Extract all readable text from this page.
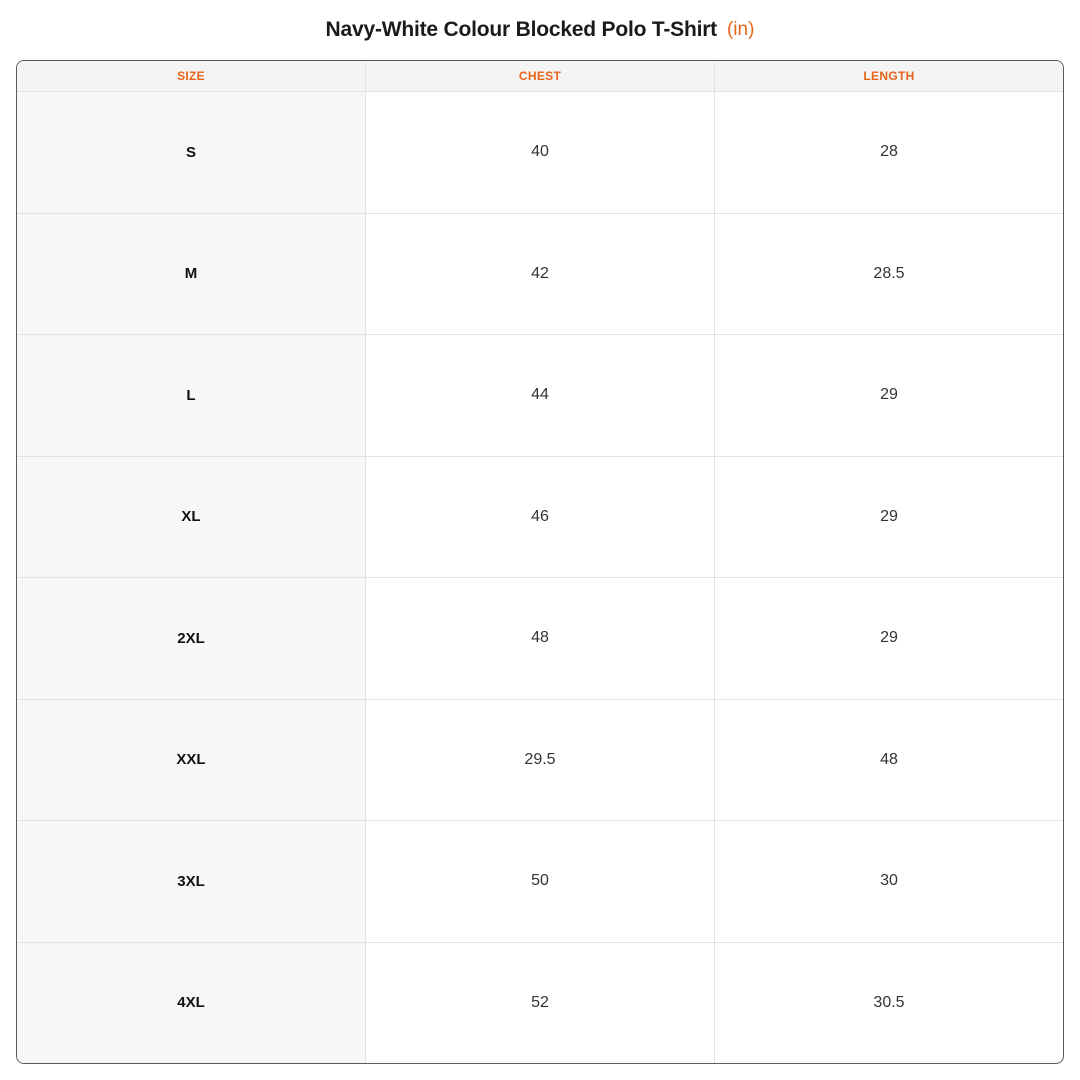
Navy-White Colour Blocked Polo T-Shirt (in)
SIZE	CHEST	LENGTH
S	40	28
M	42	28.5
L	44	29
XL	46	29
2XL	48	29
XXL	29.5	48
3XL	50	30
4XL	52	30.5
